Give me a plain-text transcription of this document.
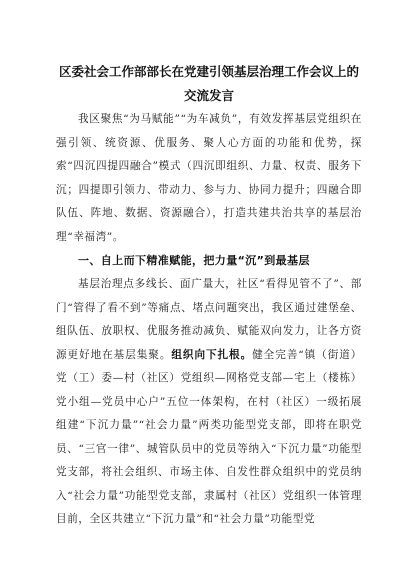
区委社会工作部部长在党建引领基层治理工作会议上的交流发言

我区聚焦“为马赋能”“为车减负”，有效发挥基层党组织在强引领、统资源、优服务、聚人心方面的功能和优势，探索“四沉四提四融合”模式（四沉即组织、力量、权责、服务下沉；四提即引领力、带动力、参与力、协同力提升；四融合即队伍、阵地、数据、资源融合），打造共建共治共享的基层治理“幸福湾”。

一、自上而下精准赋能，把力量“沉”到最基层

基层治理点多线长、面广量大，社区“看得见管不了”、部门“管得了看不到”等痛点、堵点问题突出，我区通过建堡垒、组队伍、放职权、优服务推动减负、赋能双向发力，让各方资源更好地在基层集聚。组织向下扎根。健全完善“镇（街道）党（工）委—村（社区）党组织—网格党支部—宅上（楼栋）党小组—党员中心户”五位一体架构，在村（社区）一级拓展组建“下沉力量”“社会力量”两类功能型党支部，即将在职党员、“三官一律”、城管队员中的党员等纳入“下沉力量”功能型党支部，将社会组织、市场主体、自发性群众组织中的党员纳入“社会力量”功能型党支部，隶属村（社区）党组织一体管理目前，全区共建立“下沉力量”和“社会力量”功能型党
